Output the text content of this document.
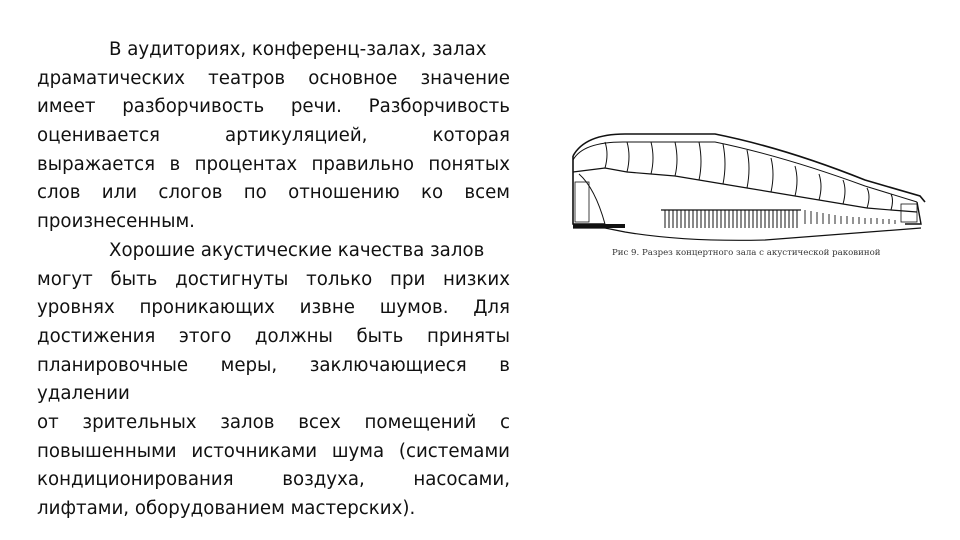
В аудиториях, конференц-залах, залах
драматических театров основное значение
имеет разборчивость речи. Разборчивость
оценивается артикуляцией, которая
выражается в процентах правильно понятых
слов или слогов по отношению ко всем
произнесенным.
Хорошие акустические качества залов
могут быть достигнуты только при низких
уровнях проникающих извне шумов. Для
достижения этого должны быть приняты
планировочные меры, заключающиеся в
удалении
от зрительных залов всех помещений с
повышенными источниками шума (системами
кондиционирования воздуха, насосами,
лифтами, оборудованием мастерских).
Рис 9. Разрез концертного зала с акустической раковиной
